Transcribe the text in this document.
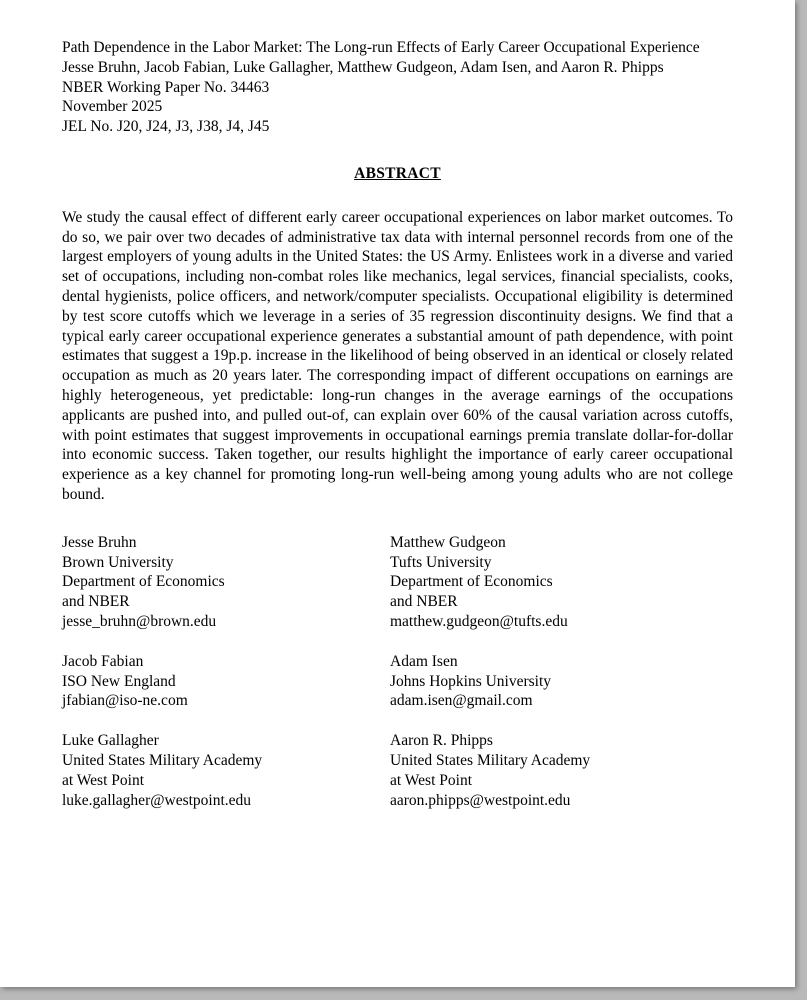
Path Dependence in the Labor Market: The Long-run Effects of Early Career Occupational Experience
Jesse Bruhn, Jacob Fabian, Luke Gallagher, Matthew Gudgeon, Adam Isen, and Aaron R. Phipps
NBER Working Paper No. 34463
November 2025
JEL No. J20, J24, J3, J38, J4, J45
ABSTRACT
We study the causal effect of different early career occupational experiences on labor market outcomes. To do so, we pair over two decades of administrative tax data with internal personnel records from one of the largest employers of young adults in the United States: the US Army. Enlistees work in a diverse and varied set of occupations, including non-combat roles like mechanics, legal services, financial specialists, cooks, dental hygienists, police officers, and network/computer specialists. Occupational eligibility is determined by test score cutoffs which we leverage in a series of 35 regression discontinuity designs. We find that a typical early career occupational experience generates a substantial amount of path dependence, with point estimates that suggest a 19p.p. increase in the likelihood of being observed in an identical or closely related occupation as much as 20 years later. The corresponding impact of different occupations on earnings are highly heterogeneous, yet predictable: long-run changes in the average earnings of the occupations applicants are pushed into, and pulled out-of, can explain over 60% of the causal variation across cutoffs, with point estimates that suggest improvements in occupational earnings premia translate dollar-for-dollar into economic success. Taken together, our results highlight the importance of early career occupational experience as a key channel for promoting long-run well-being among young adults who are not college bound.
Jesse Bruhn
Brown University
Department of Economics
and NBER
jesse_bruhn@brown.edu
Jacob Fabian
ISO New England
jfabian@iso-ne.com
Luke Gallagher
United States Military Academy
at West Point
luke.gallagher@westpoint.edu
Matthew Gudgeon
Tufts University
Department of Economics
and NBER
matthew.gudgeon@tufts.edu
Adam Isen
Johns Hopkins University
adam.isen@gmail.com
Aaron R. Phipps
United States Military Academy
at West Point
aaron.phipps@westpoint.edu
